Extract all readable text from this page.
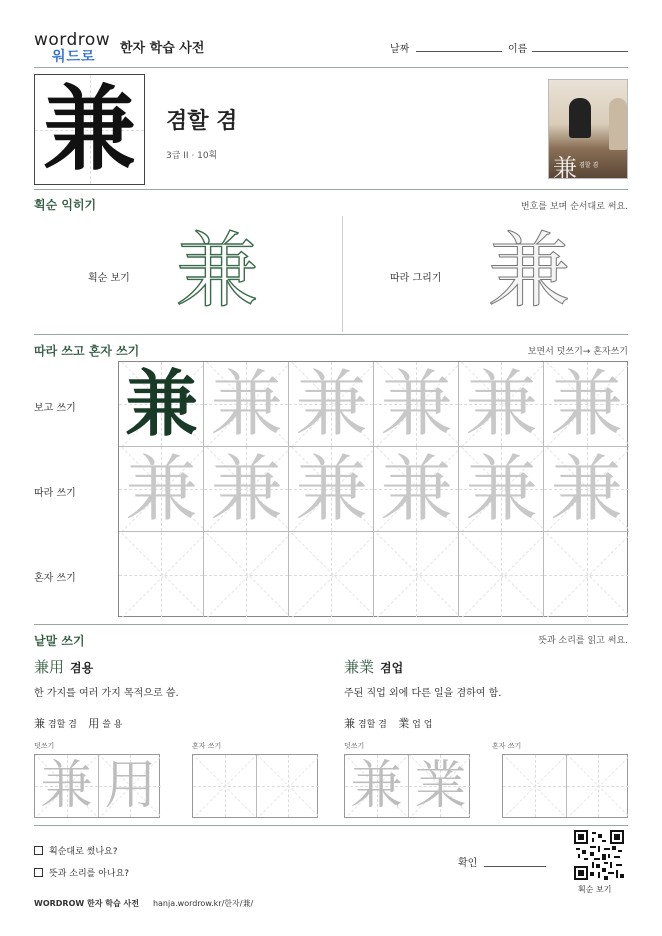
wordrow
워드로
한자 학습 사전	날짜	이름
兼	겸할 겸
3급 II · 10획	兼 겸할 겸
획순 익히기	번호를 보며 순서대로 써요.
획순 보기 兼	따라 그리기 兼
따라 쓰고 혼자 쓰기	보면서 덧쓰기→ 혼자쓰기
보고 쓰기
따라 쓰기
혼자 쓰기
兼 兼 兼 兼 兼 兼
兼 兼 兼 兼 兼 兼
낱말 쓰기	뜻과 소리를 읽고 써요.
兼用 겸용
한 가지를 여러 가지 목적으로 씀.
兼 겸할 겸 用 쓸 용
덧쓰기	혼자 쓰기
兼 用
兼業 겸업
주된 직업 외에 다른 일을 겸하여 함.
兼 겸할 겸 業 업 업
덧쓰기	혼자 쓰기
兼 業
획순대로 썼나요?
뜻과 소리를 아나요?
확인
획순 보기
WORDROW 한자 학습 사전 hanja.wordrow.kr/한자/兼/
